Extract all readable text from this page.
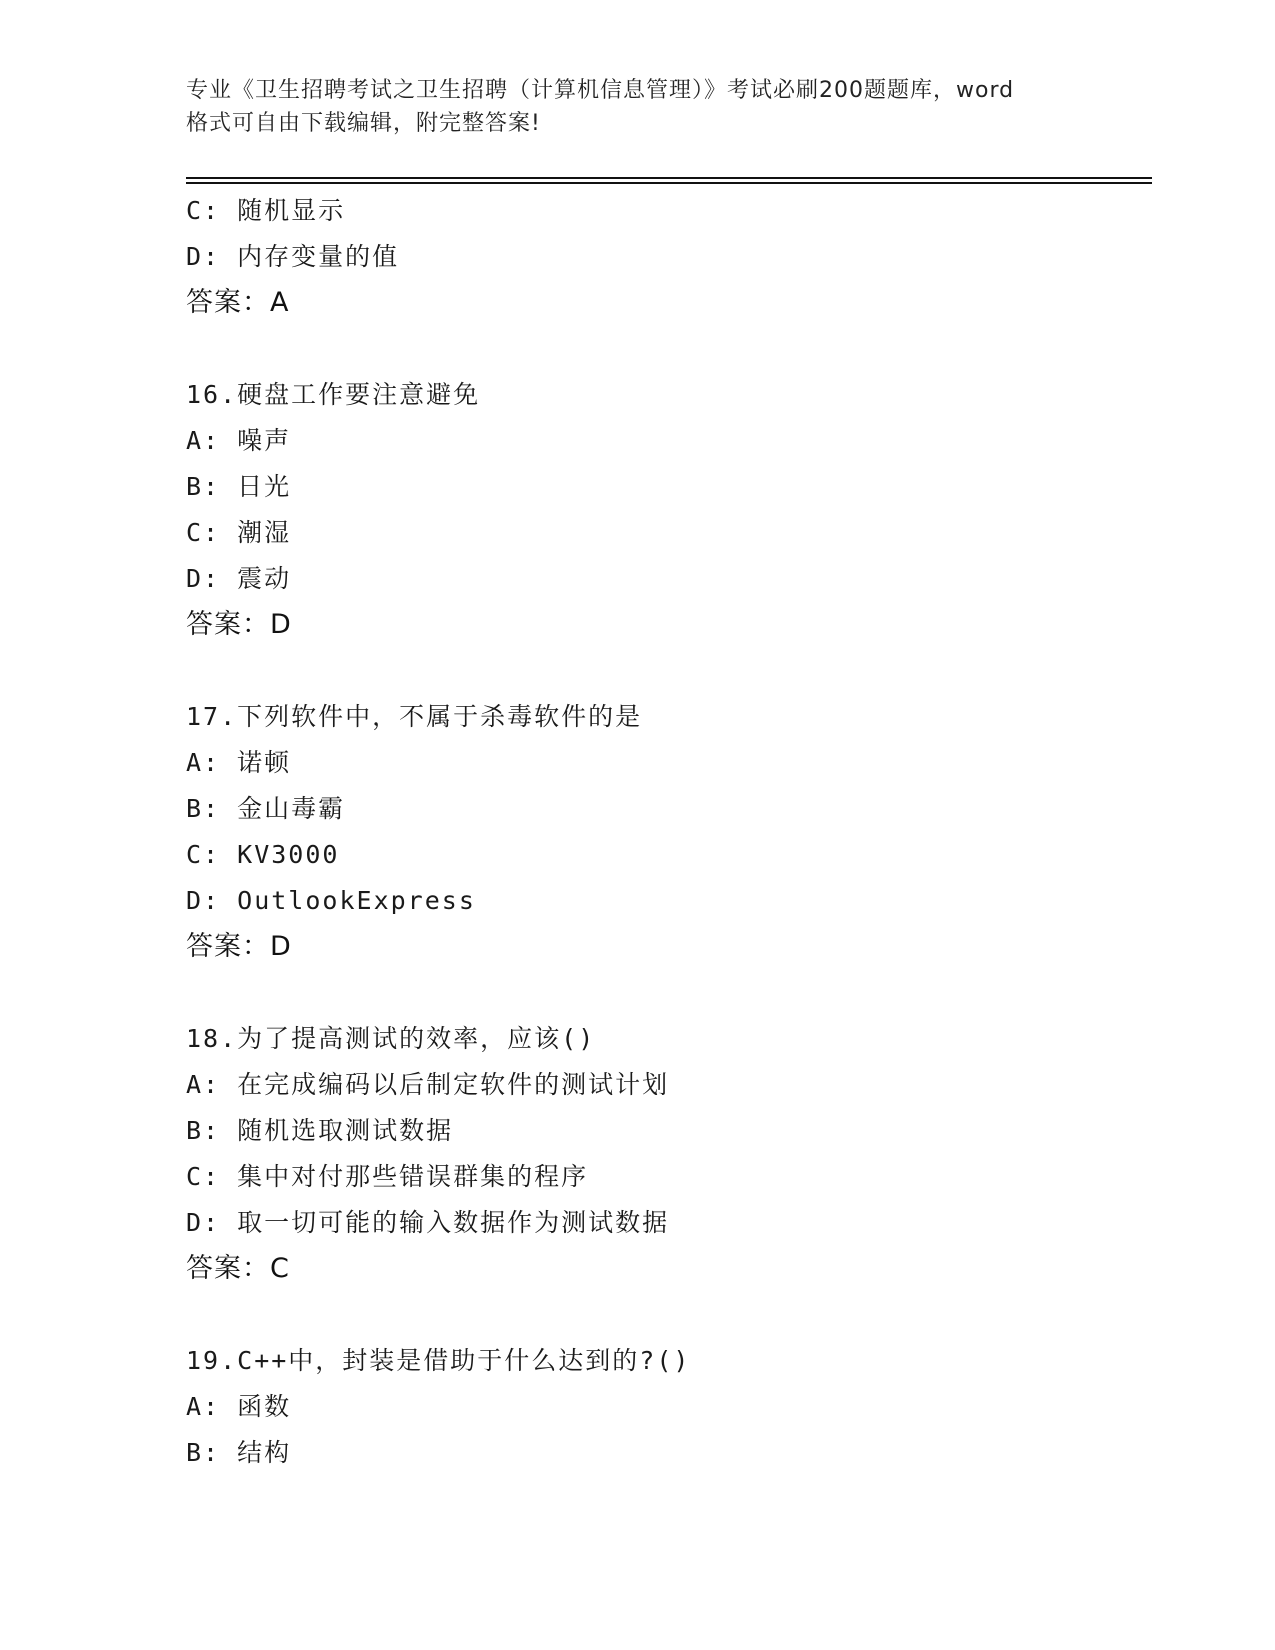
专业《卫生招聘考试之卫生招聘（计算机信息管理）》考试必刷200题题库，word
格式可自由下载编辑，附完整答案!
C: 随机显示
D: 内存变量的值
答案：A
16.硬盘工作要注意避免
A: 噪声
B: 日光
C: 潮湿
D: 震动
答案：D
17.下列软件中，不属于杀毒软件的是
A: 诺顿
B: 金山毒霸
C: KV3000
D: OutlookExpress
答案：D
18.为了提高测试的效率，应该()
A: 在完成编码以后制定软件的测试计划
B: 随机选取测试数据
C: 集中对付那些错误群集的程序
D: 取一切可能的输入数据作为测试数据
答案：C
19.C++中，封装是借助于什么达到的?()
A: 函数
B: 结构
